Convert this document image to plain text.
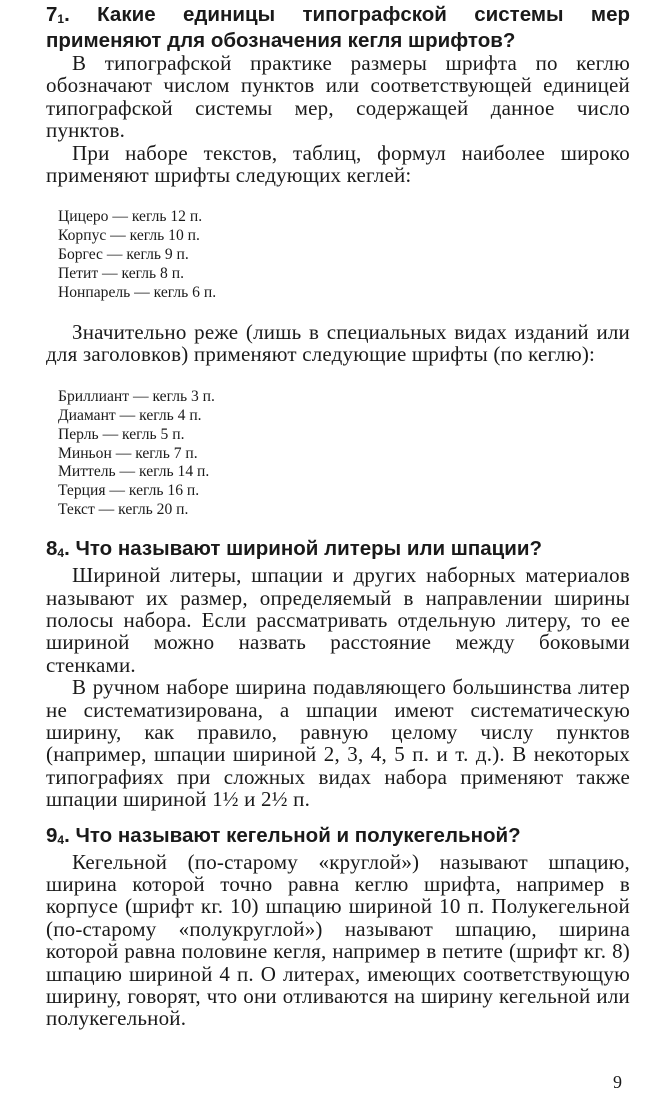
$7_1$. Какие единицы типографской системы мер применяют для обозначения кегля шрифтов?

В типографской практике размеры шрифта по кеглю обозначают числом пунктов или соответствующей единицей типографской системы мер, содержащей данное число пунктов.

При наборе текстов, таблиц, формул наиболее широко применяют шрифты следующих кеглей:

Цицеро — кегль 12 п.
Корпус — кегль 10 п.
Боргес — кегль 9 п.
Петит — кегль 8 п.
Нонпарель — кегль 6 п.

Значительно реже (лишь в специальных видах изданий или для заголовков) применяют следующие шрифты (по кеглю):

Бриллиант — кегль 3 п.
Диамант — кегль 4 п.
Перль — кегль 5 п.
Миньон — кегль 7 п.
Миттель — кегль 14 п.
Терция — кегль 16 п.
Текст — кегль 20 п.
$8_4$. Что называют шириной литеры или шпации?

Шириной литеры, шпации и других наборных материалов называют их размер, определяемый в направлении ширины полосы набора. Если рассматривать отдельную литеру, то ее шириной можно назвать расстояние между боковыми стенками.

В ручном наборе ширина подавляющего большинства литер не систематизирована, а шпации имеют систематическую ширину, как правило, равную целому числу пунктов (например, шпации шириной 2, 3, 4, 5 п. и т. д.). В некоторых типографиях при сложных видах набора применяют также шпации шириной 1½ и 2½ п.

$9_4$. Что называют кегельной и полукегельной?

Кегельной (по-старому «круглой») называют шпацию, ширина которой точно равна кеглю шрифта, например в корпусе (шрифт кг. 10) шпацию шириной 10 п. Полукегельной (по-старому «полукруглой») называют шпацию, ширина которой равна половине кегля, например в петите (шрифт кг. 8) шпацию шириной 4 п. О литерах, имеющих соответствующую ширину, говорят, что они отливаются на ширину кегельной или полукегельной.

9
